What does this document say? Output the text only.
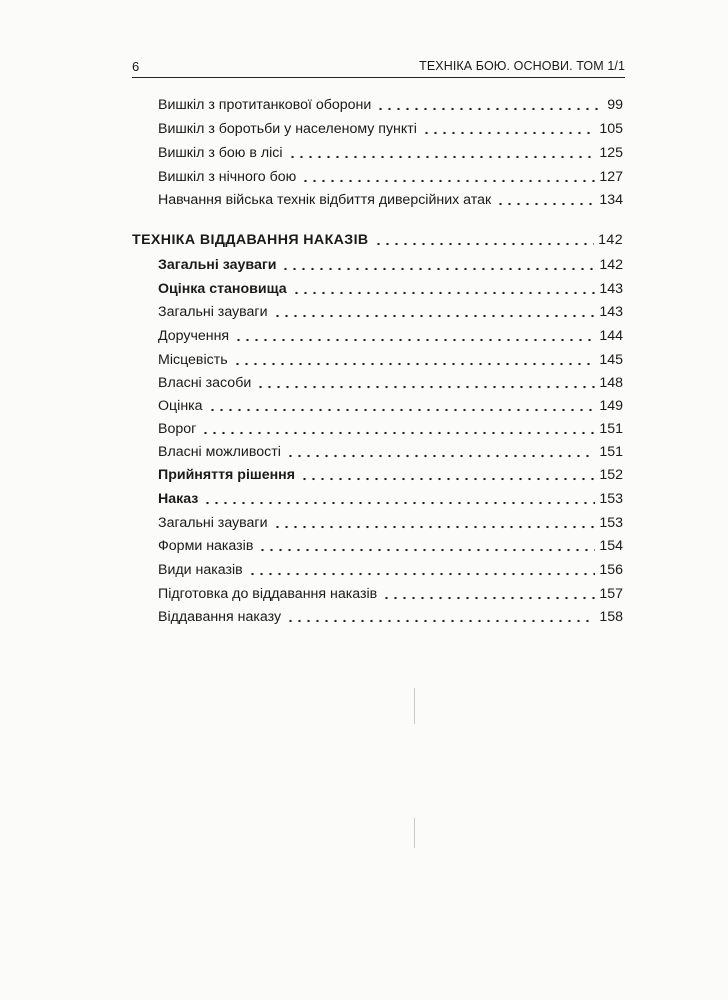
6	ТЕХНІКА БОЮ. ОСНОВИ. ТОМ 1/1
Вишкіл з протитанкової оборони	99
Вишкіл з боротьби у населеному пункті	105
Вишкіл з бою в лісі	125
Вишкіл з нічного бою	127
Навчання війська технік відбиття диверсійних атак	134
ТЕХНІКА ВІДДАВАННЯ НАКАЗІВ	142
Загальні зауваги	142
Оцінка становища	143
Загальні зауваги	143
Доручення	144
Місцевість	145
Власні засоби	148
Оцінка	149
Ворог	151
Власні можливості	151
Прийняття рішення	152
Наказ	153
Загальні зауваги	153
Форми наказів	154
Види наказів	156
Підготовка до віддавання наказів	157
Віддавання наказу	158
